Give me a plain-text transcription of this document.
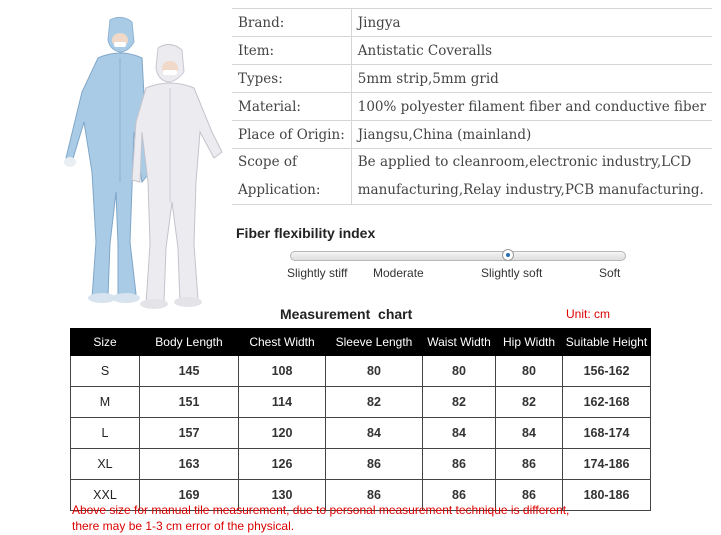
Brand:	Jingya
Item:	Antistatic Coveralls
Types:	5mm strip,5mm grid
Material:	100% polyester filament fiber and conductive fiber
Place of Origin:	Jiangsu,China (mainland)
Scope of	Be applied to cleanroom,electronic industry,LCD
Application:	manufacturing,Relay industry,PCB manufacturing.
Fiber flexibility index
Slightly stiff Moderate	Slightly soft	Soft
Measurement  chart	Unit: cm
Size	Body Length	Chest Width	Sleeve Length	Waist Width	Hip Width	Suitable Height
S	145	108	80	80	80	156-162
M	151	114	82	82	82	162-168
L	157	120	84	84	84	168-174
XL	163	126	86	86	86	174-186
XXL	169	130	86	86	86	180-186
Above size for manual tile measurement, due to personal measurement technique is different,
there may be 1-3 cm error of the physical.
